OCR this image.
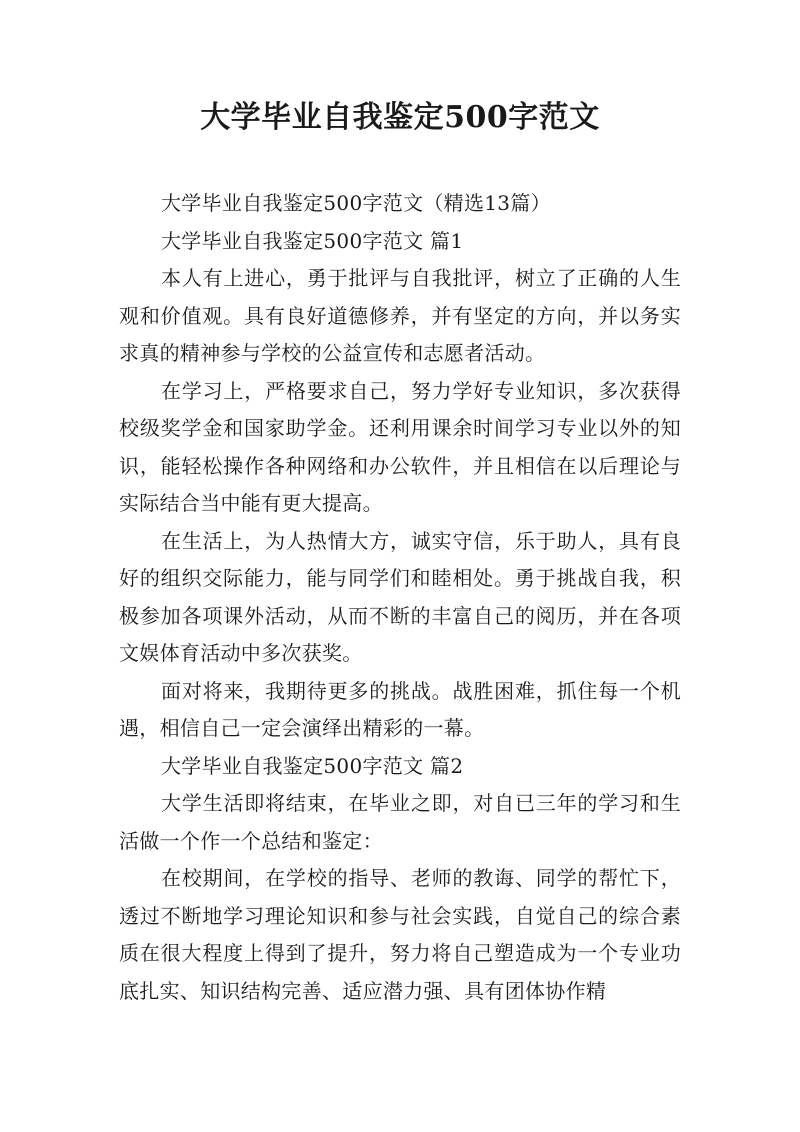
大学毕业自我鉴定500字范文

大学毕业自我鉴定500字范文（精选13篇）

大学毕业自我鉴定500字范文 篇1

本人有上进心，勇于批评与自我批评，树立了正确的人生观和价值观。具有良好道德修养，并有坚定的方向，并以务实求真的精神参与学校的公益宣传和志愿者活动。

在学习上，严格要求自己，努力学好专业知识，多次获得校级奖学金和国家助学金。还利用课余时间学习专业以外的知识，能轻松操作各种网络和办公软件，并且相信在以后理论与实际结合当中能有更大提高。

在生活上，为人热情大方，诚实守信，乐于助人，具有良好的组织交际能力，能与同学们和睦相处。勇于挑战自我，积极参加各项课外活动，从而不断的丰富自己的阅历，并在各项文娱体育活动中多次获奖。

面对将来，我期待更多的挑战。战胜困难，抓住每一个机遇，相信自己一定会演绎出精彩的一幕。

大学毕业自我鉴定500字范文 篇2

大学生活即将结束，在毕业之即，对自已三年的学习和生活做一个作一个总结和鉴定：

在校期间，在学校的指导、老师的教诲、同学的帮忙下，透过不断地学习理论知识和参与社会实践，自觉自己的综合素质在很大程度上得到了提升，努力将自己塑造成为一个专业功底扎实、知识结构完善、适应潜力强、具有团体协作精
